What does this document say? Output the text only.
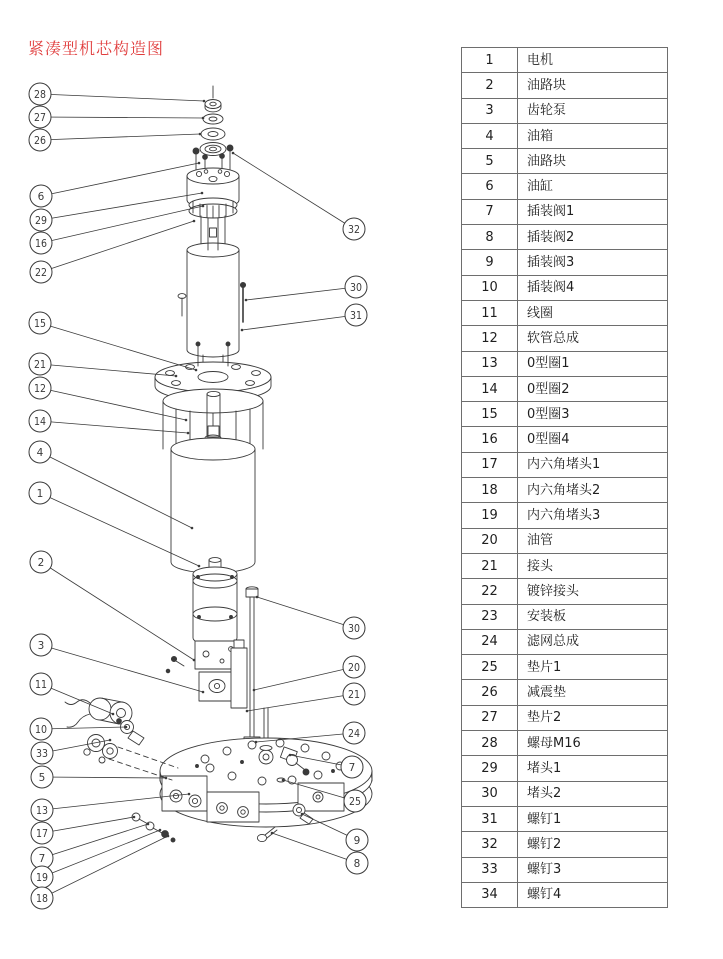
紧凑型机芯构造图
28
27
26
6
29
16
22
15
21
12
14
4
1
2
3
11
10
33
5
13
17
7
19
18
32
30
31
30
20
21
24
7
25
9
8
1	电机
2	油路块
3	齿轮泵
4	油箱
5	油路块
6	油缸
7	插装阀1
8	插装阀2
9	插装阀3
10	插装阀4
11	线圈
12	软管总成
13	0型圈1
14	0型圈2
15	0型圈3
16	0型圈4
17	内六角堵头1
18	内六角堵头2
19	内六角堵头3
20	油管
21	接头
22	镀锌接头
23	安装板
24	滤网总成
25	垫片1
26	减震垫
27	垫片2
28	螺母M16
29	堵头1
30	堵头2
31	螺钉1
32	螺钉2
33	螺钉3
34	螺钉4
